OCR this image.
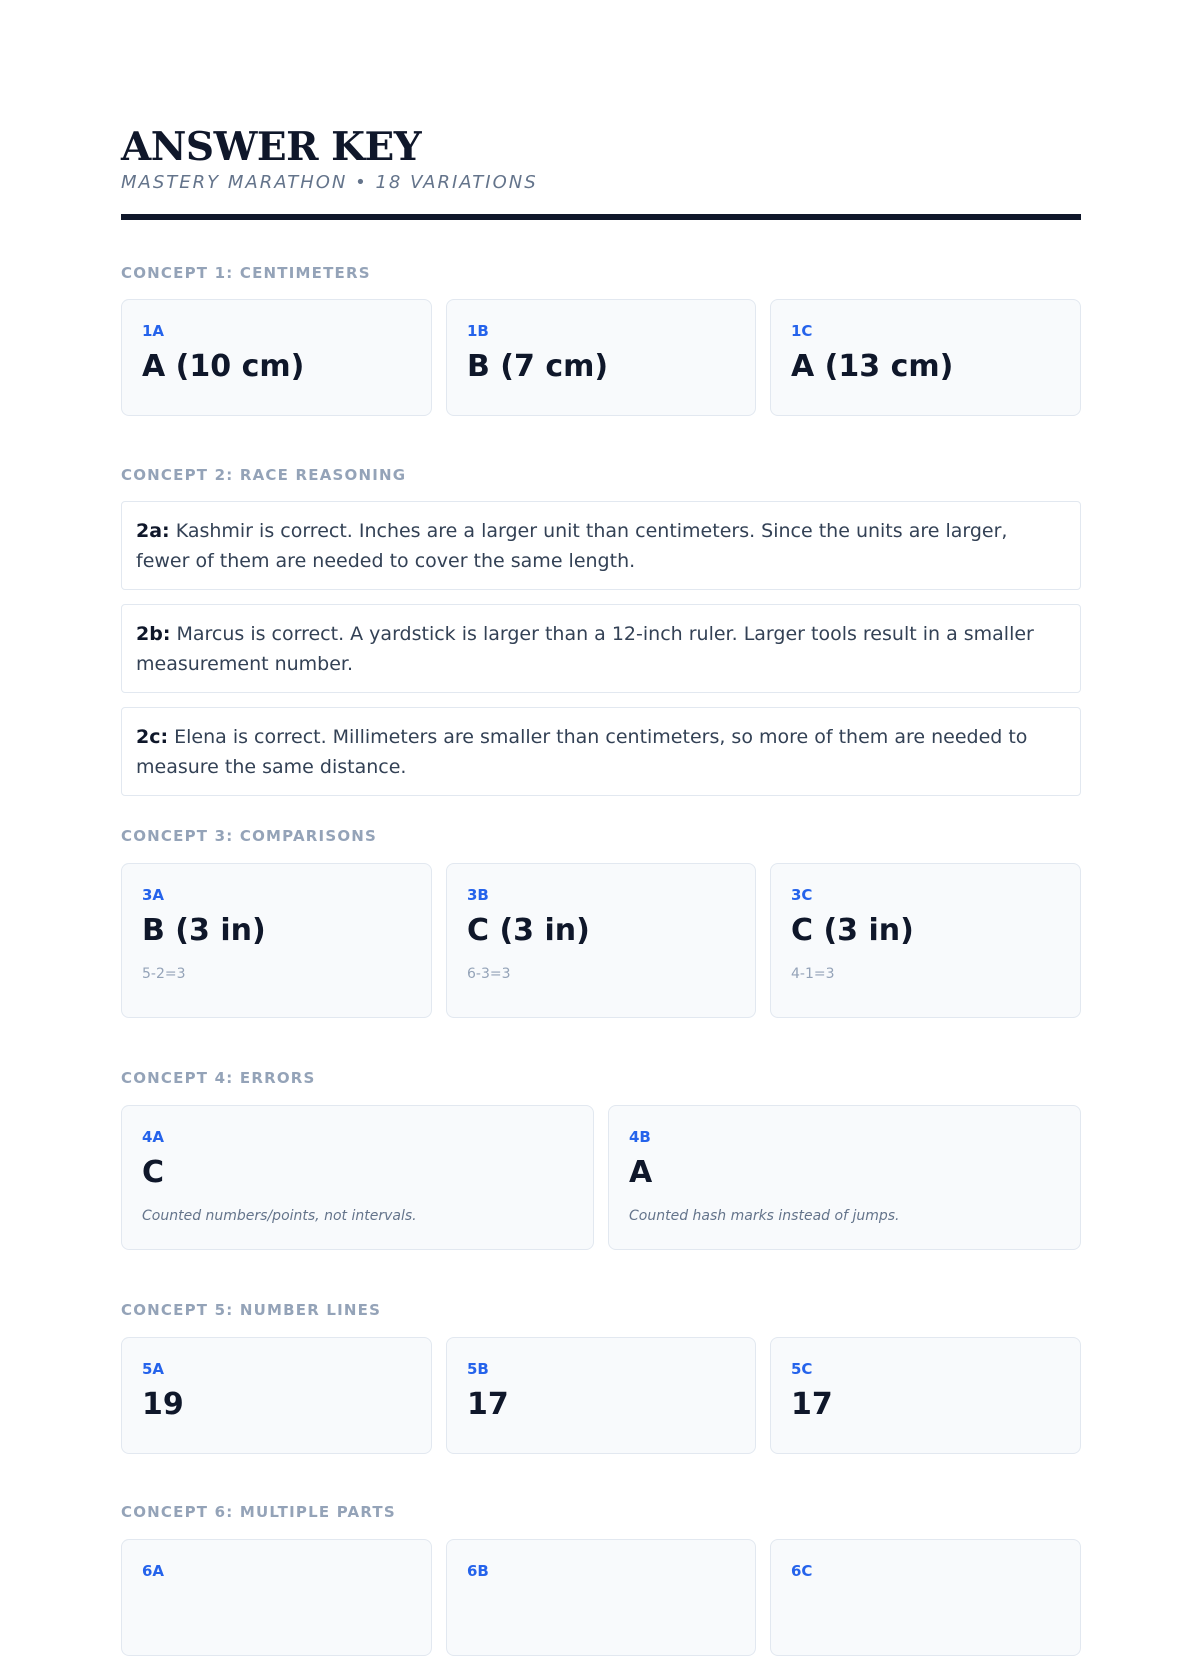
ANSWER KEY
MASTERY MARATHON • 18 VARIATIONS
CONCEPT 1: CENTIMETERS
1A
A (10 cm)
1B
B (7 cm)
1C
A (13 cm)
CONCEPT 2: RACE REASONING
2a: Kashmir is correct. Inches are a larger unit than centimeters. Since the units are larger, fewer of them are needed to cover the same length.
2b: Marcus is correct. A yardstick is larger than a 12-inch ruler. Larger tools result in a smaller measurement number.
2c: Elena is correct. Millimeters are smaller than centimeters, so more of them are needed to measure the same distance.
CONCEPT 3: COMPARISONS
3A
B (3 in)
5-2=3
3B
C (3 in)
6-3=3
3C
C (3 in)
4-1=3
CONCEPT 4: ERRORS
4A
C
Counted numbers/points, not intervals.
4B
A
Counted hash marks instead of jumps.
CONCEPT 5: NUMBER LINES
5A
19
5B
17
5C
17
CONCEPT 6: MULTIPLE PARTS
6A	6B	6C
